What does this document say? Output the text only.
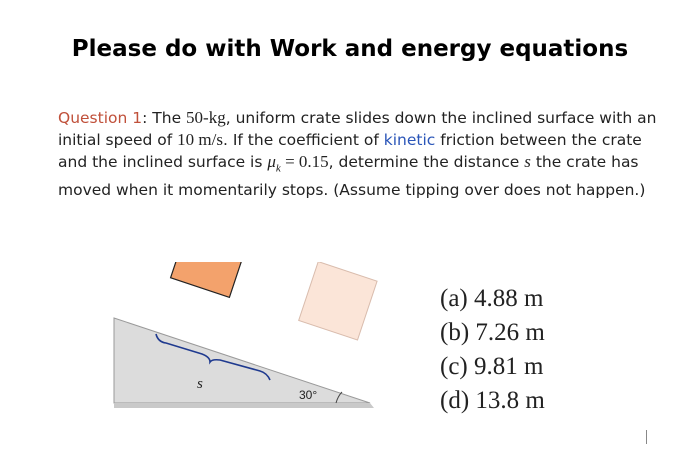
Please do with Work and energy equations
Question 1: The 50-kg, uniform crate slides down the inclined surface with an initial speed of 10 m/s. If the coefficient of kinetic friction between the crate and the inclined surface is $\mu_k = 0.15$, determine the distance s the crate has moved when it momentarily stops. (Assume tipping over does not happen.)
s
30°
(a) 4.88 m
(b) 7.26 m
(c) 9.81 m
(d) 13.8 m
